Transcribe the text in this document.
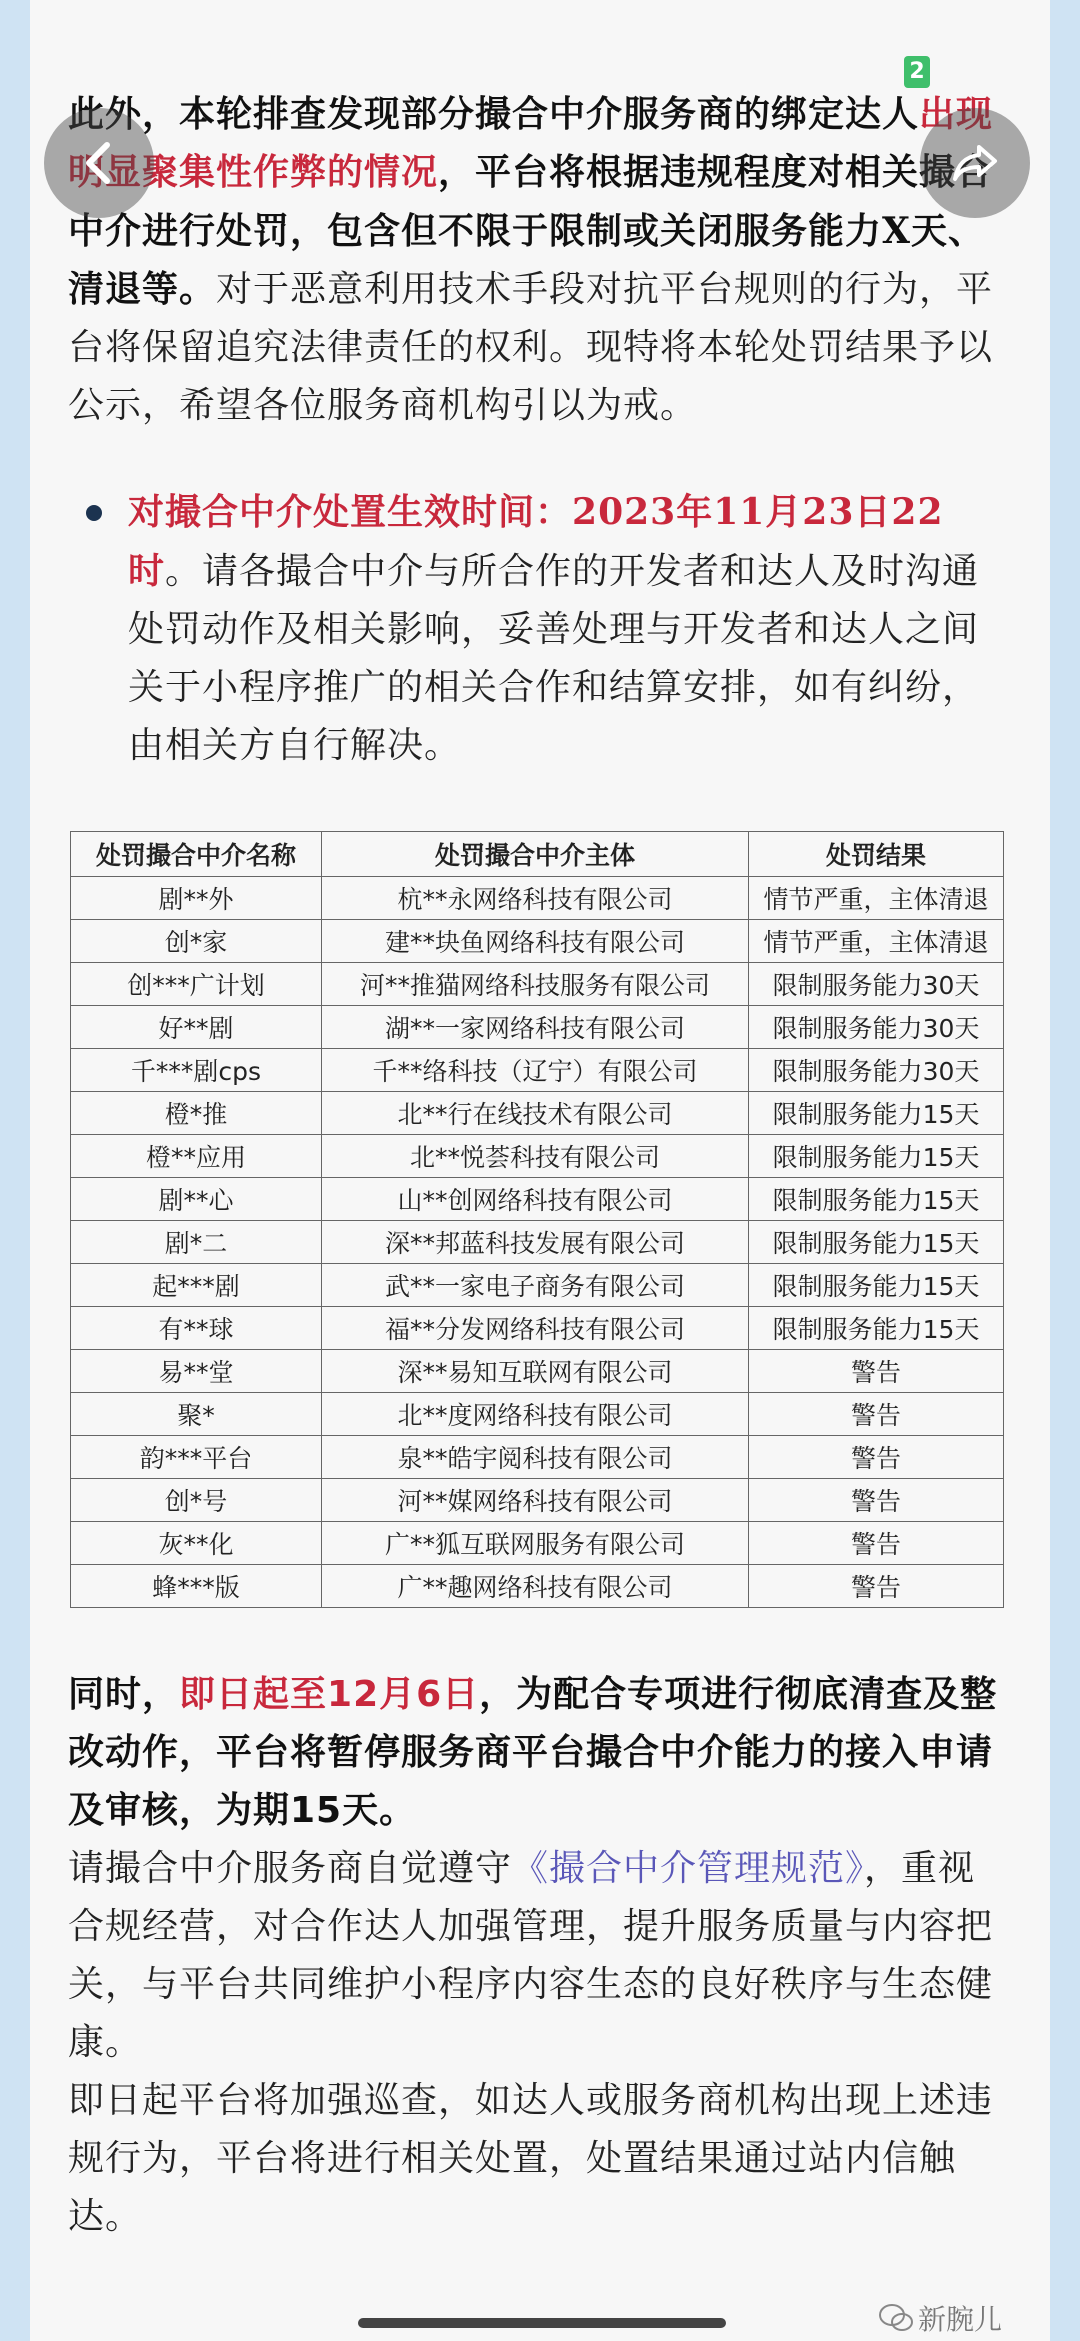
2

此外，本轮排查发现部分撮合中介服务商的绑定达人出现明显聚集性作弊的情况，平台将根据违规程度对相关撮合中介进行处罚，包含但不限于限制或关闭服务能力X天、清退等。对于恶意利用技术手段对抗平台规则的行为，平台将保留追究法律责任的权利。现特将本轮处罚结果予以公示，希望各位服务商机构引以为戒。

对撮合中介处置生效时间：2023年11月23日22时。请各撮合中介与所合作的开发者和达人及时沟通处罚动作及相关影响，妥善处理与开发者和达人之间关于小程序推广的相关合作和结算安排，如有纠纷，由相关方自行解决。

处罚撮合中介名称	处罚撮合中介主体	处罚结果
剧**外	杭**永网络科技有限公司	情节严重，主体清退
创*家	建**块鱼网络科技有限公司	情节严重，主体清退
创***广计划	河**推猫网络科技服务有限公司	限制服务能力30天
好**剧	湖**一家网络科技有限公司	限制服务能力30天
千***剧cps	千**络科技（辽宁）有限公司	限制服务能力30天
橙*推	北**行在线技术有限公司	限制服务能力15天
橙**应用	北**悦荟科技有限公司	限制服务能力15天
剧**心	山**创网络科技有限公司	限制服务能力15天
剧*二	深**邦蓝科技发展有限公司	限制服务能力15天
起***剧	武**一家电子商务有限公司	限制服务能力15天
有**球	福**分发网络科技有限公司	限制服务能力15天
易**堂	深**易知互联网有限公司	警告
聚*	北**度网络科技有限公司	警告
韵***平台	泉**皓宇阅科技有限公司	警告
创*号	河**媒网络科技有限公司	警告
灰**化	广**狐互联网服务有限公司	警告
蜂***版	广**趣网络科技有限公司	警告

同时，即日起至12月6日，为配合专项进行彻底清查及整改动作，平台将暂停服务商平台撮合中介能力的接入申请及审核，为期15天。

请撮合中介服务商自觉遵守《撮合中介管理规范》，重视合规经营，对合作达人加强管理，提升服务质量与内容把关，与平台共同维护小程序内容生态的良好秩序与生态健康。

即日起平台将加强巡查，如达人或服务商机构出现上述违规行为，平台将进行相关处置，处置结果通过站内信触达。

新腕儿
